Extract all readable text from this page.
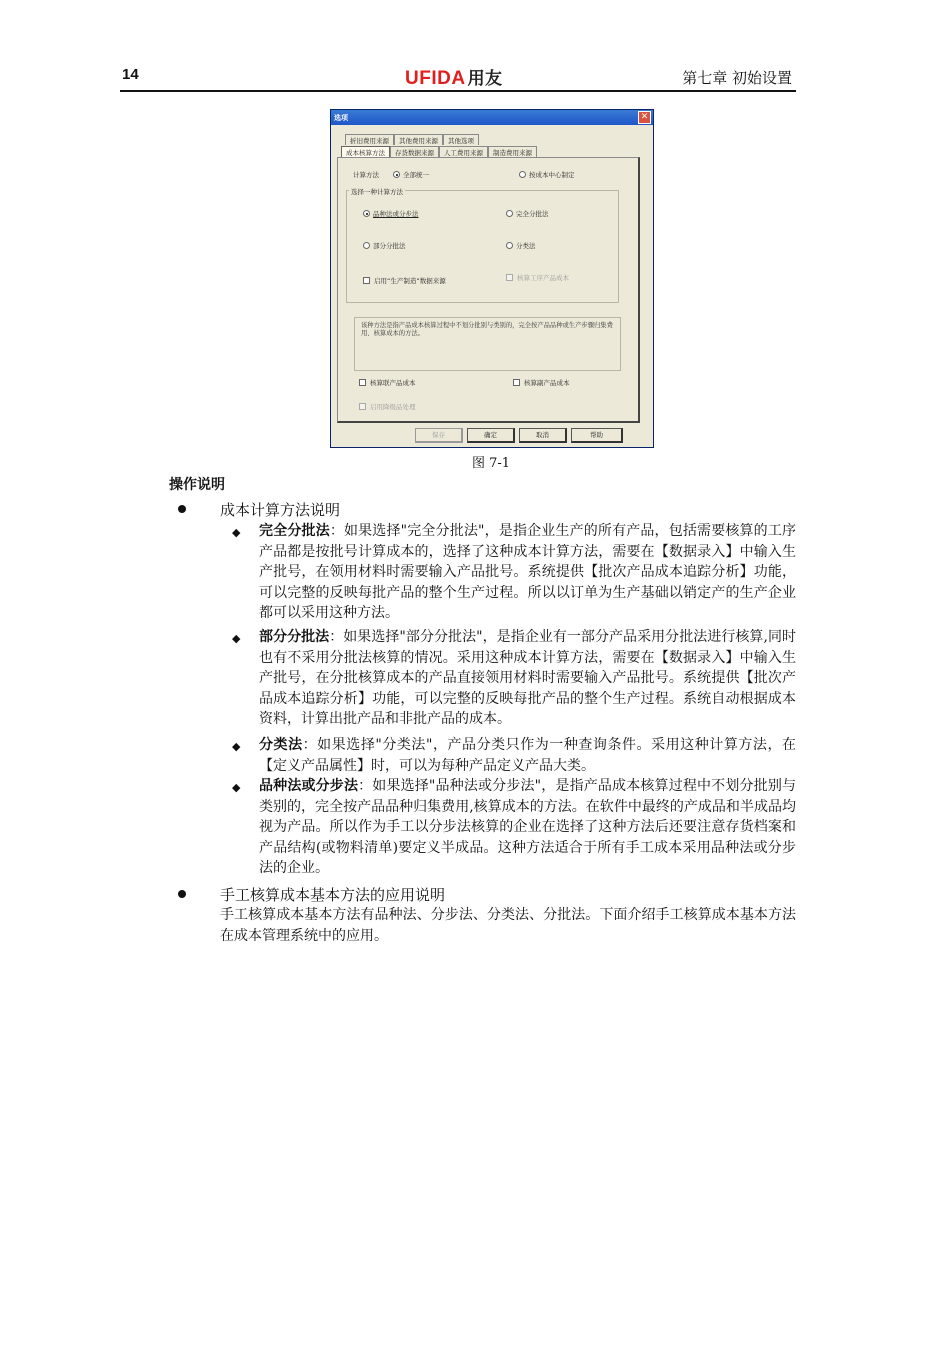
14	UFIDA 用友	第七章 初始设置
选项	✕
折旧费用来源	其他费用来源	其他选项
成本核算方法	存货数据来源	人工费用来源	制造费用来源
计算方法	全部统一	按成本中心制定
选择一种计算方法
品种法或分步法	完全分批法
部分分批法	分类法
启用“生产制造”数据来源	核算工序产品成本
该种方法是指产品成本核算过程中不划分批别与类别的，完全按产品品种或生产步骤归集费用、核算成本的方法。
核算联产品成本	核算副产品成本
启用降级品处理
保存	确定	取消	帮助
图 7-1
操作说明
成本计算方法说明
◆ 完全分批法：如果选择"完全分批法"，是指企业生产的所有产品，包括需要核算的工序产品都是按批号计算成本的，选择了这种成本计算方法，需要在【数据录入】中输入生产批号，在领用材料时需要输入产品批号。系统提供【批次产品成本追踪分析】功能，可以完整的反映每批产品的整个生产过程。所以以订单为生产基础以销定产的生产企业都可以采用这种方法。
◆ 部分分批法：如果选择"部分分批法"，是指企业有一部分产品采用分批法进行核算,同时也有不采用分批法核算的情况。采用这种成本计算方法，需要在【数据录入】中输入生产批号，在分批核算成本的产品直接领用材料时需要输入产品批号。系统提供【批次产品成本追踪分析】功能，可以完整的反映每批产品的整个生产过程。系统自动根据成本资料，计算出批产品和非批产品的成本。
◆ 分类法：如果选择"分类法"，产品分类只作为一种查询条件。采用这种计算方法，在【定义产品属性】时，可以为每种产品定义产品大类。
◆ 品种法或分步法：如果选择"品种法或分步法"，是指产品成本核算过程中不划分批别与类别的，完全按产品品种归集费用,核算成本的方法。在软件中最终的产成品和半成品均视为产品。所以作为手工以分步法核算的企业在选择了这种方法后还要注意存货档案和产品结构(或物料清单)要定义半成品。这种方法适合于所有手工成本采用品种法或分步法的企业。
手工核算成本基本方法的应用说明
手工核算成本基本方法有品种法、分步法、分类法、分批法。下面介绍手工核算成本基本方法在成本管理系统中的应用。
